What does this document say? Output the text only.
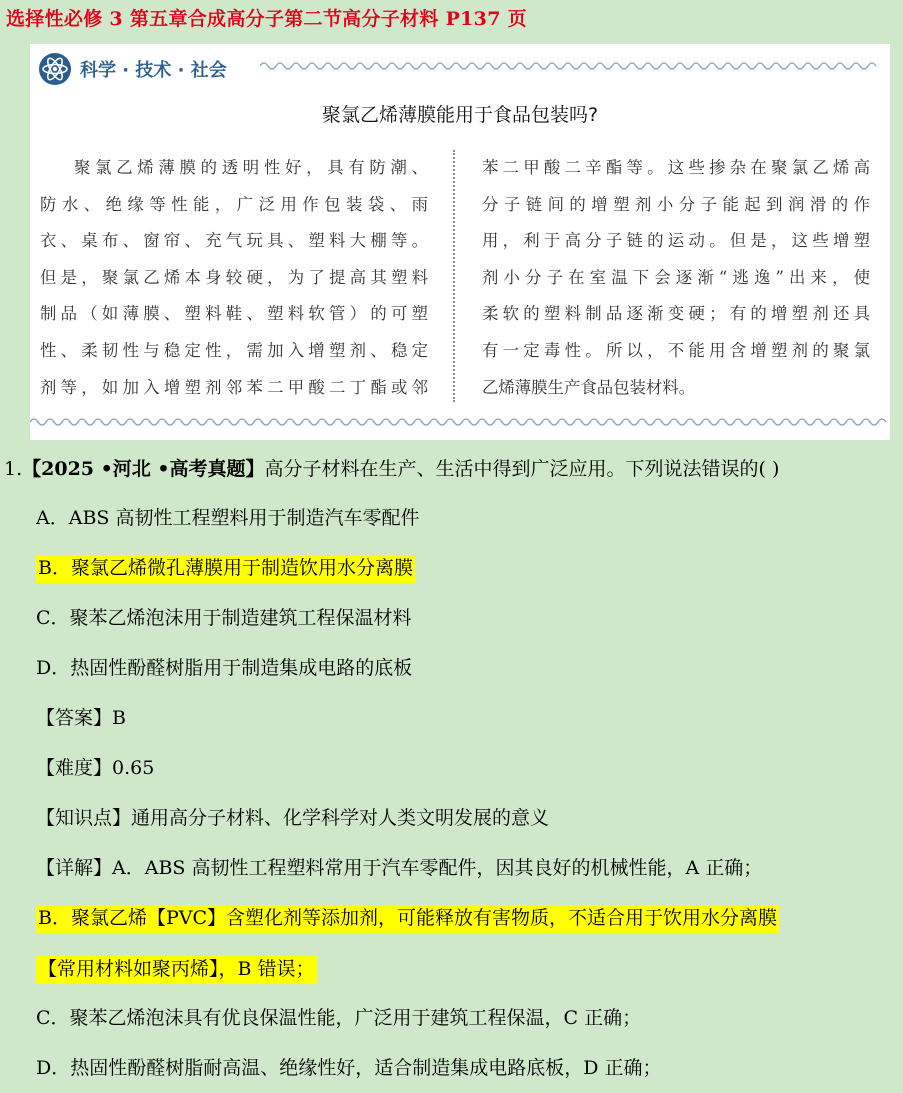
选择性必修 3 第五章合成高分子第二节高分子材料 P137 页
科学 · 技术 · 社会
聚氯乙烯薄膜能用于食品包装吗?
聚氯乙烯薄膜的透明性好，具有防潮、
防水、绝缘等性能，广泛用作包装袋、雨
衣、桌布、窗帘、充气玩具、塑料大棚等。
但是，聚氯乙烯本身较硬，为了提高其塑料
制品（如薄膜、塑料鞋、塑料软管）的可塑
性、柔韧性与稳定性，需加入增塑剂、稳定
剂等，如加入增塑剂邻苯二甲酸二丁酯或邻
苯二甲酸二辛酯等。这些掺杂在聚氯乙烯高
分子链间的增塑剂小分子能起到润滑的作
用，利于高分子链的运动。但是，这些增塑
剂小分子在室温下会逐渐“逃逸”出来，使
柔软的塑料制品逐渐变硬；有的增塑剂还具
有一定毒性。所以，不能用含增塑剂的聚氯
乙烯薄膜生产食品包装材料。
1.【2025 •河北 •高考真题】高分子材料在生产、生活中得到广泛应用。下列说法错误的( )
A．ABS 高韧性工程塑料用于制造汽车零配件
B．聚氯乙烯微孔薄膜用于制造饮用水分离膜
C．聚苯乙烯泡沫用于制造建筑工程保温材料
D．热固性酚醛树脂用于制造集成电路的底板
【答案】B
【难度】0.65
【知识点】通用高分子材料、化学科学对人类文明发展的意义
【详解】A．ABS 高韧性工程塑料常用于汽车零配件，因其良好的机械性能，A 正确；
B．聚氯乙烯【PVC】含塑化剂等添加剂，可能释放有害物质，不适合用于饮用水分离膜
【常用材料如聚丙烯】，B 错误；
C．聚苯乙烯泡沫具有优良保温性能，广泛用于建筑工程保温，C 正确；
D．热固性酚醛树脂耐高温、绝缘性好，适合制造集成电路底板，D 正确；
